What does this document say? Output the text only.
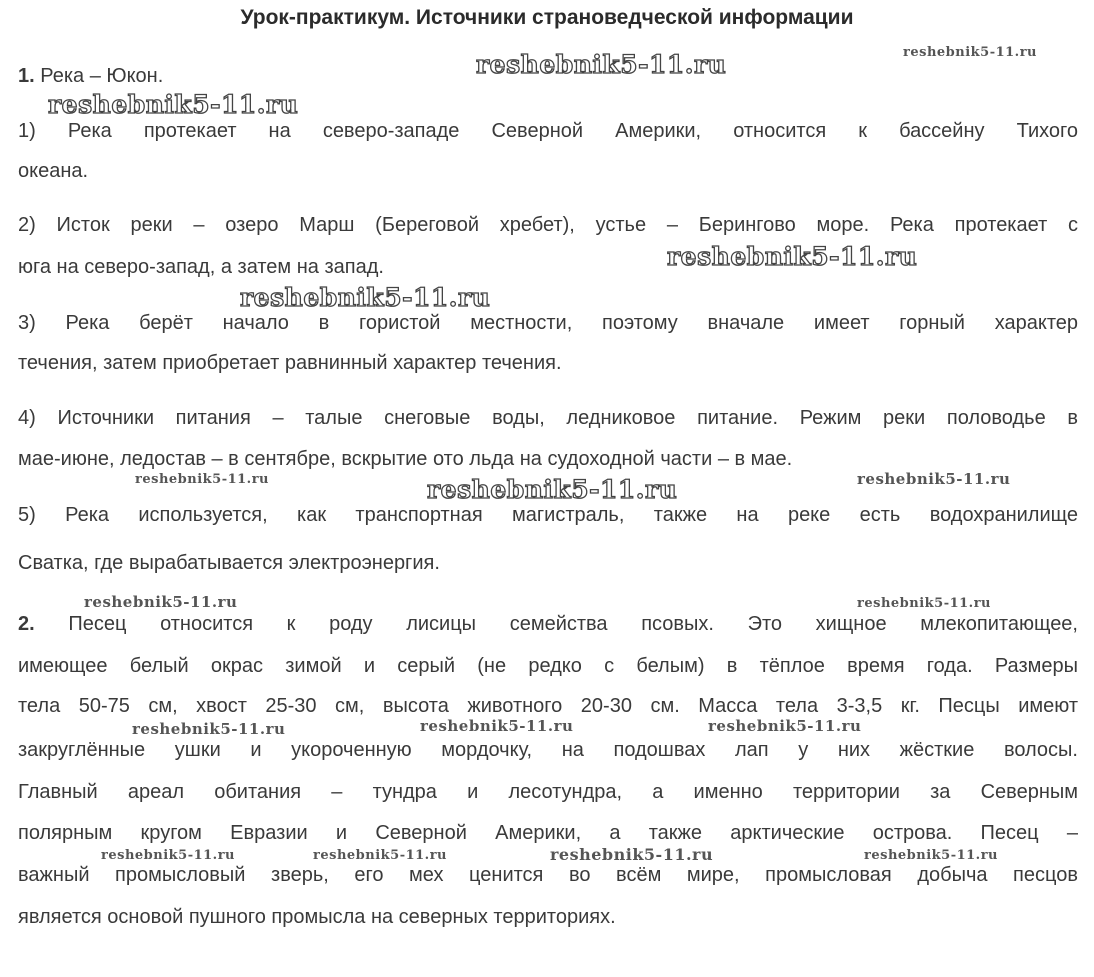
Урок-практикум. Источники страноведческой информации
1. Река – Юкон.
1) Река протекает на северо-западе Северной Америки, относится к бассейну Тихого
океана.
2) Исток реки – озеро Марш (Береговой хребет), устье – Берингово море. Река протекает с
юга на северо-запад, а затем на запад.
3) Река берёт начало в гористой местности, поэтому вначале имеет горный характер
течения, затем приобретает равнинный характер течения.
4) Источники питания – талые снеговые воды, ледниковое питание. Режим реки половодье в
мае-июне, ледостав – в сентябре, вскрытие ото льда на судоходной части – в мае.
5) Река используется, как транспортная магистраль, также на реке есть водохранилище
Сватка, где вырабатывается электроэнергия.
2. Песец относится к роду лисицы семейства псовых. Это хищное млекопитающее,
имеющее белый окрас зимой и серый (не редко с белым) в тёплое время года. Размеры
тела 50-75 см, хвост 25-30 см, высота животного 20-30 см. Масса тела 3-3,5 кг. Песцы имеют
закруглённые ушки и укороченную мордочку, на подошвах лап у них жёсткие волосы.
Главный ареал обитания – тундра и лесотундра, а именно территории за Северным
полярным кругом Евразии и Северной Америки, а также арктические острова. Песец –
важный промысловый зверь, его мех ценится во всём мире, промысловая добыча песцов
является основой пушного промысла на северных территориях.
reshebnik5-11.ru	reshebnik5-11.ru
reshebnik5-11.ru
reshebnik5-11.ru
reshebnik5-11.ru
reshebnik5-11.ru	reshebnik5-11.ru	reshebnik5-11.ru
reshebnik5-11.ru	reshebnik5-11.ru
reshebnik5-11.ru	reshebnik5-11.ru	reshebnik5-11.ru
reshebnik5-11.ru	reshebnik5-11.ru	reshebnik5-11.ru	reshebnik5-11.ru
